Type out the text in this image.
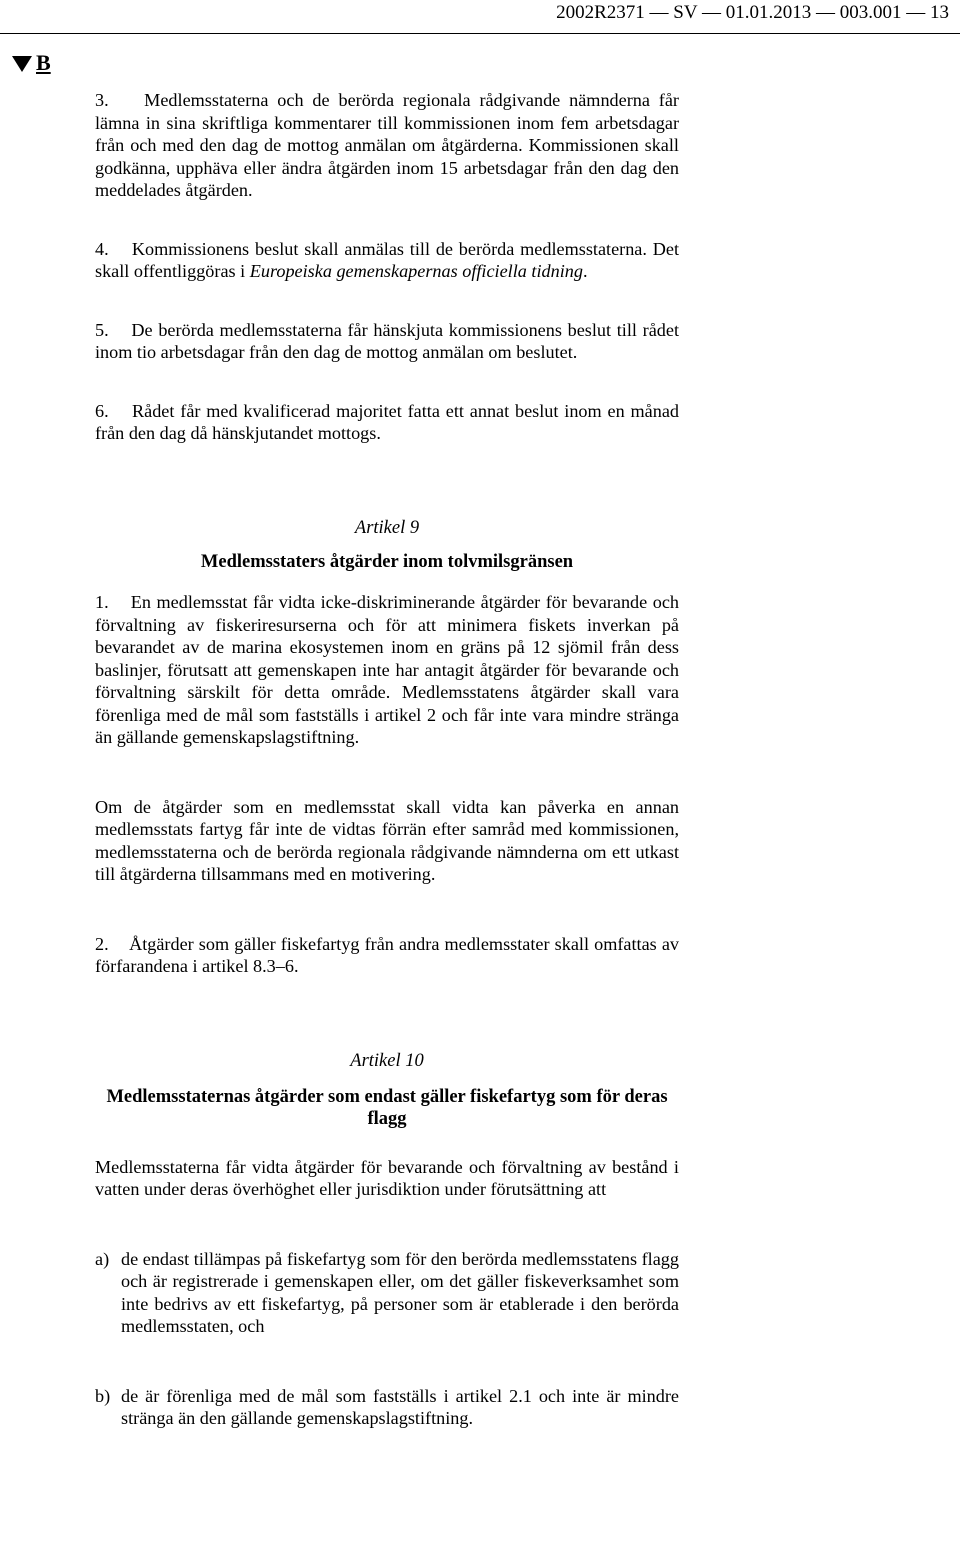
2002R2371 — SV — 01.01.2013 — 003.001 — 13
B

3. Medlemsstaterna och de berörda regionala rådgivande nämnderna får lämna in sina skriftliga kommentarer till kommissionen inom fem arbetsdagar från och med den dag de mottog anmälan om åtgärderna. Kommissionen skall godkänna, upphäva eller ändra åtgärden inom 15 arbetsdagar från den dag den meddelades åtgärden.

4. Kommissionens beslut skall anmälas till de berörda medlemsstaterna. Det skall offentliggöras i Europeiska gemenskapernas officiella tidning.

5. De berörda medlemsstaterna får hänskjuta kommissionens beslut till rådet inom tio arbetsdagar från den dag de mottog anmälan om beslutet.

6. Rådet får med kvalificerad majoritet fatta ett annat beslut inom en månad från den dag då hänskjutandet mottogs.

Artikel 9

Medlemsstaters åtgärder inom tolvmilsgränsen

1. En medlemsstat får vidta icke-diskriminerande åtgärder för bevarande och förvaltning av fiskeriresurserna och för att minimera fiskets inverkan på bevarandet av de marina ekosystemen inom en gräns på 12 sjömil från dess baslinjer, förutsatt att gemenskapen inte har antagit åtgärder för bevarande och förvaltning särskilt för detta område. Medlemsstatens åtgärder skall vara förenliga med de mål som fastställs i artikel 2 och får inte vara mindre stränga än gällande gemenskapslagstiftning.

Om de åtgärder som en medlemsstat skall vidta kan påverka en annan medlemsstats fartyg får inte de vidtas förrän efter samråd med kommissionen, medlemsstaterna och de berörda regionala rådgivande nämnderna om ett utkast till åtgärderna tillsammans med en motivering.

2. Åtgärder som gäller fiskefartyg från andra medlemsstater skall omfattas av förfarandena i artikel 8.3–6.

Artikel 10

Medlemsstaternas åtgärder som endast gäller fiskefartyg som för deras flagg

Medlemsstaterna får vidta åtgärder för bevarande och förvaltning av bestånd i vatten under deras överhöghet eller jurisdiktion under förutsättning att

a) de endast tillämpas på fiskefartyg som för den berörda medlemsstatens flagg och är registrerade i gemenskapen eller, om det gäller fiskeverksamhet som inte bedrivs av ett fiskefartyg, på personer som är etablerade i den berörda medlemsstaten, och
b) de är förenliga med de mål som fastställs i artikel 2.1 och inte är mindre stränga än den gällande gemenskapslagstiftning.
